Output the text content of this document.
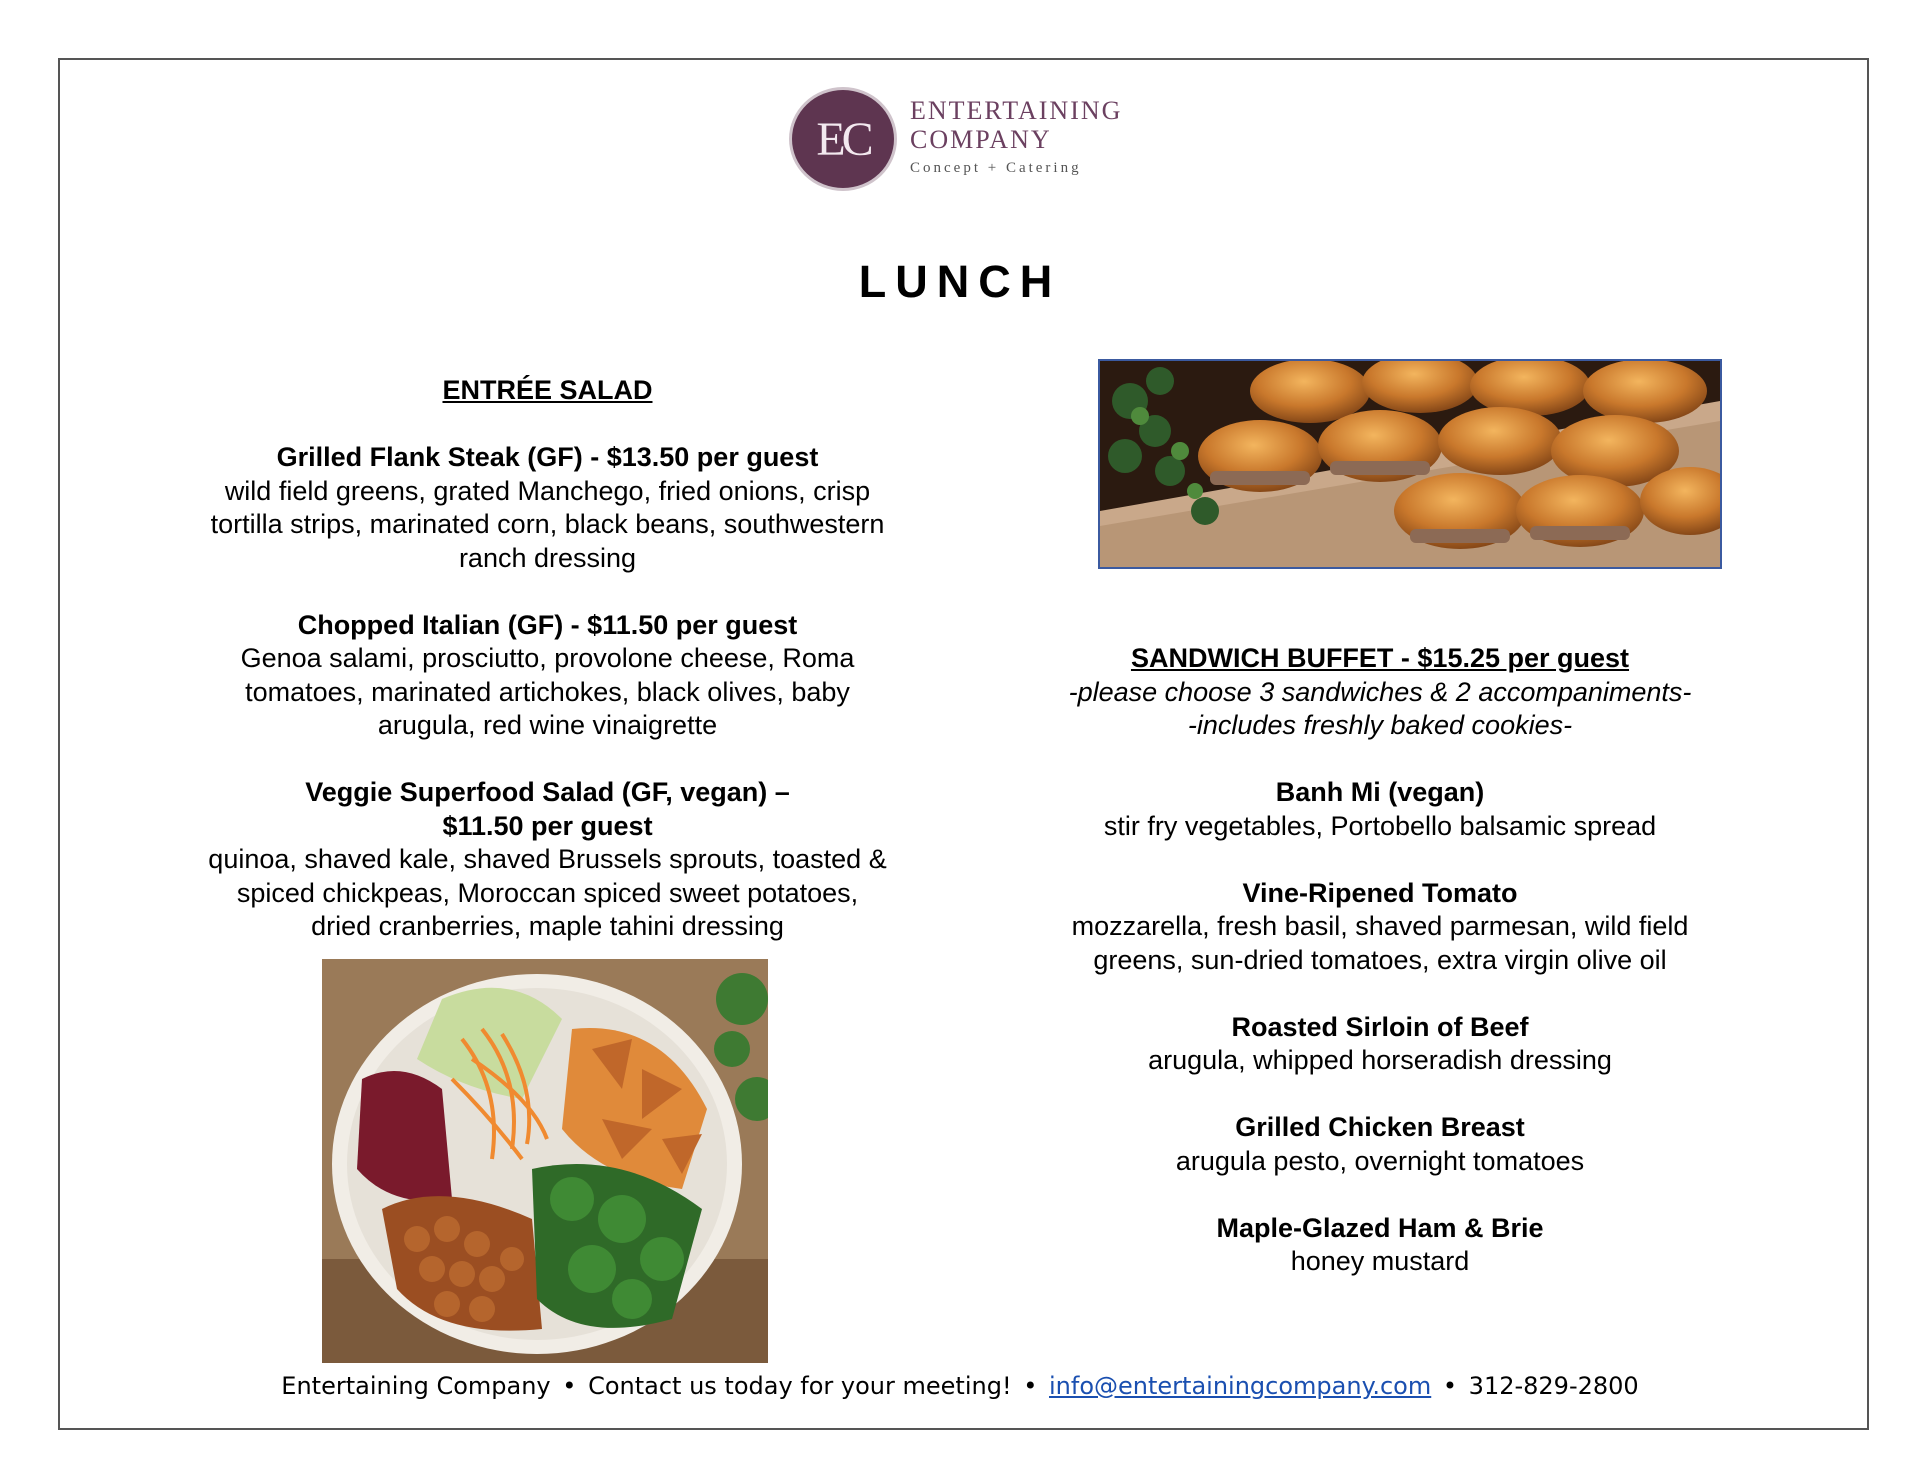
EC
ENTERTAINING
COMPANY
Concept + Catering
LUNCH
ENTRÉE SALAD
Grilled Flank Steak (GF) - $13.50 per guest
wild field greens, grated Manchego, fried onions, crisp
tortilla strips, marinated corn, black beans, southwestern
ranch dressing
Chopped Italian (GF) - $11.50 per guest
Genoa salami, prosciutto, provolone cheese, Roma
tomatoes, marinated artichokes, black olives, baby
arugula, red wine vinaigrette
Veggie Superfood Salad (GF, vegan) –
$11.50 per guest
quinoa, shaved kale, shaved Brussels sprouts, toasted &
spiced chickpeas, Moroccan spiced sweet potatoes,
dried cranberries, maple tahini dressing
SANDWICH BUFFET - $15.25 per guest
-please choose 3 sandwiches & 2 accompaniments-
-includes freshly baked cookies-
Banh Mi (vegan)
stir fry vegetables, Portobello balsamic spread
Vine-Ripened Tomato
mozzarella, fresh basil, shaved parmesan, wild field
greens, sun-dried tomatoes, extra virgin olive oil
Roasted Sirloin of Beef
arugula, whipped horseradish dressing
Grilled Chicken Breast
arugula pesto, overnight tomatoes
Maple-Glazed Ham & Brie
honey mustard
Entertaining Company • Contact us today for your meeting! • info@entertainingcompany.com • 312-829-2800
